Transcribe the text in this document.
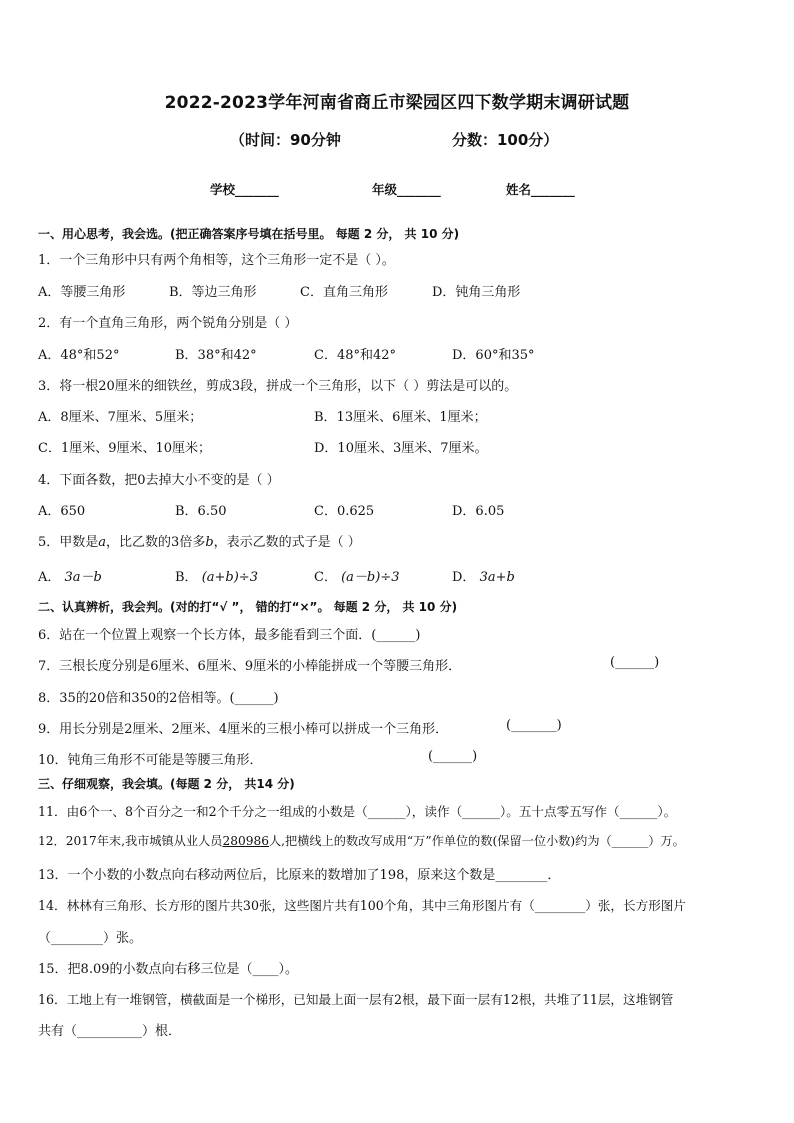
2022-2023学年河南省商丘市梁园区四下数学期末调研试题
（时间：90分钟	分数：100分）
学校_______	年级_______	姓名_______
一、用心思考，我会选。(把正确答案序号填在括号里。 每题 2 分， 共 10 分)
1．一个三角形中只有两个角相等，这个三角形一定不是（ ）。
A．等腰三角形	B．等边三角形	C．直角三角形	D．钝角三角形
2．有一个直角三角形，两个锐角分别是（ ）
A．48°和52°	B．38°和42°	C．48°和42°	D．60°和35°
3．将一根20厘米的细铁丝，剪成3段，拼成一个三角形，以下（ ）剪法是可以的。
A．8厘米、7厘米、5厘米；	B．13厘米、6厘米、1厘米；
C．1厘米、9厘米、10厘米；	D．10厘米、3厘米、7厘米。
4．下面各数，把0去掉大小不变的是（ ）
A．650	B．6.50	C．0.625	D．6.05
5．甲数是a，比乙数的3倍多b，表示乙数的式子是（ ）
A． 3a－b	B． (a+b)÷3	C． (a－b)÷3	D． 3a+b
二、认真辨析，我会判。(对的打“√ ”， 错的打“×”。 每题 2 分， 共 10 分)
6．站在一个位置上观察一个长方体，最多能看到三个面．(______)
7．三根长度分别是6厘米、6厘米、9厘米的小棒能拼成一个等腰三角形．	(______)
8．35的20倍和350的2倍相等。(______)
9．用长分别是2厘米、2厘米、4厘米的三根小棒可以拼成一个三角形．	(_______)
10．钝角三角形不可能是等腰三角形．	(______)
三、仔细观察，我会填。(每题 2 分， 共14 分)
11．由6个一、8个百分之一和2个千分之一组成的小数是（______），读作（______）。五十点零五写作（______）。
12．2017年末,我市城镇从业人员280986人,把横线上的数改写成用“万”作单位的数(保留一位小数)约为（______）万。
13．一个小数的小数点向右移动两位后，比原来的数增加了198，原来这个数是________．
14．林林有三角形、长方形的图片共30张，这些图片共有100个角，其中三角形图片有（________）张，长方形图片
（________）张。
15．把8.09的小数点向右移三位是（____）。
16．工地上有一堆钢管，横截面是一个梯形，已知最上面一层有2根，最下面一层有12根，共堆了11层，这堆钢管
共有（__________）根．
